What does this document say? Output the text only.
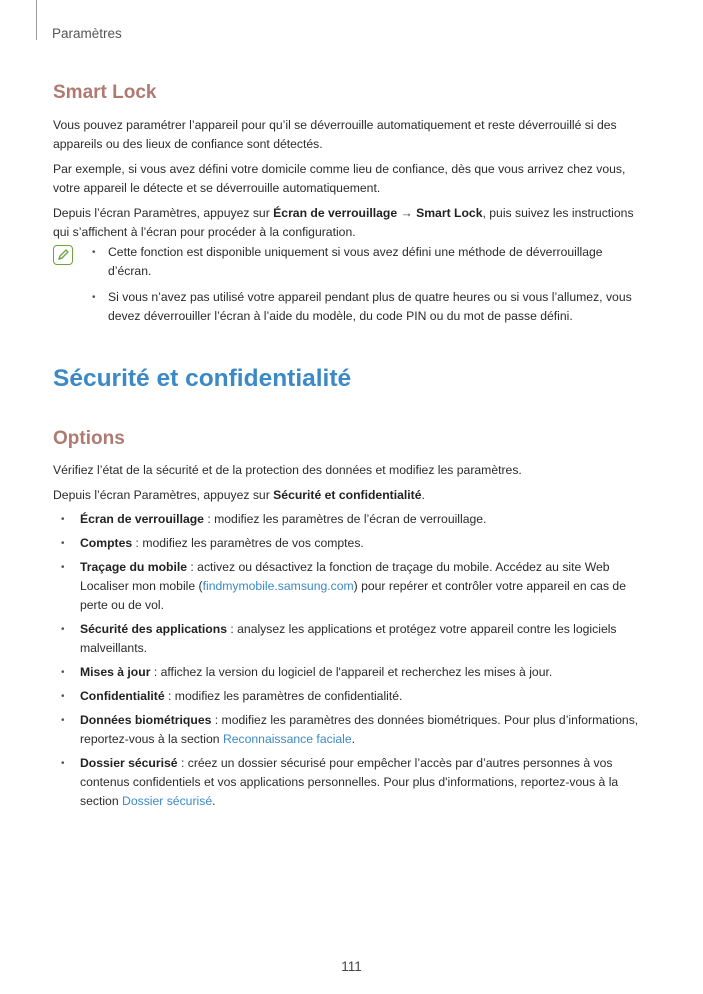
Paramètres
Smart Lock

Vous pouvez paramétrer l’appareil pour qu’il se déverrouille automatiquement et reste déverrouillé si des appareils ou des lieux de confiance sont détectés.

Par exemple, si vous avez défini votre domicile comme lieu de confiance, dès que vous arrivez chez vous, votre appareil le détecte et se déverrouille automatiquement.

Depuis l’écran Paramètres, appuyez sur Écran de verrouillage → Smart Lock, puis suivez les instructions qui s’affichent à l’écran pour procéder à la configuration.

• Cette fonction est disponible uniquement si vous avez défini une méthode de déverrouillage d’écran.
• Si vous n’avez pas utilisé votre appareil pendant plus de quatre heures ou si vous l’allumez, vous devez déverrouiller l’écran à l’aide du modèle, du code PIN ou du mot de passe défini.
Sécurité et confidentialité
Options

Vérifiez l’état de la sécurité et de la protection des données et modifiez les paramètres.

Depuis l’écran Paramètres, appuyez sur Sécurité et confidentialité.

• Écran de verrouillage : modifiez les paramètres de l’écran de verrouillage.
• Comptes : modifiez les paramètres de vos comptes.
• Traçage du mobile : activez ou désactivez la fonction de traçage du mobile. Accédez au site Web Localiser mon mobile (findmymobile.samsung.com) pour repérer et contrôler votre appareil en cas de perte ou de vol.
• Sécurité des applications : analysez les applications et protégez votre appareil contre les logiciels malveillants.
• Mises à jour : affichez la version du logiciel de l'appareil et recherchez les mises à jour.
• Confidentialité : modifiez les paramètres de confidentialité.
• Données biométriques : modifiez les paramètres des données biométriques. Pour plus d’informations, reportez-vous à la section Reconnaissance faciale.
• Dossier sécurisé : créez un dossier sécurisé pour empêcher l’accès par d’autres personnes à vos contenus confidentiels et vos applications personnelles. Pour plus d'informations, reportez-vous à la section Dossier sécurisé.
111
